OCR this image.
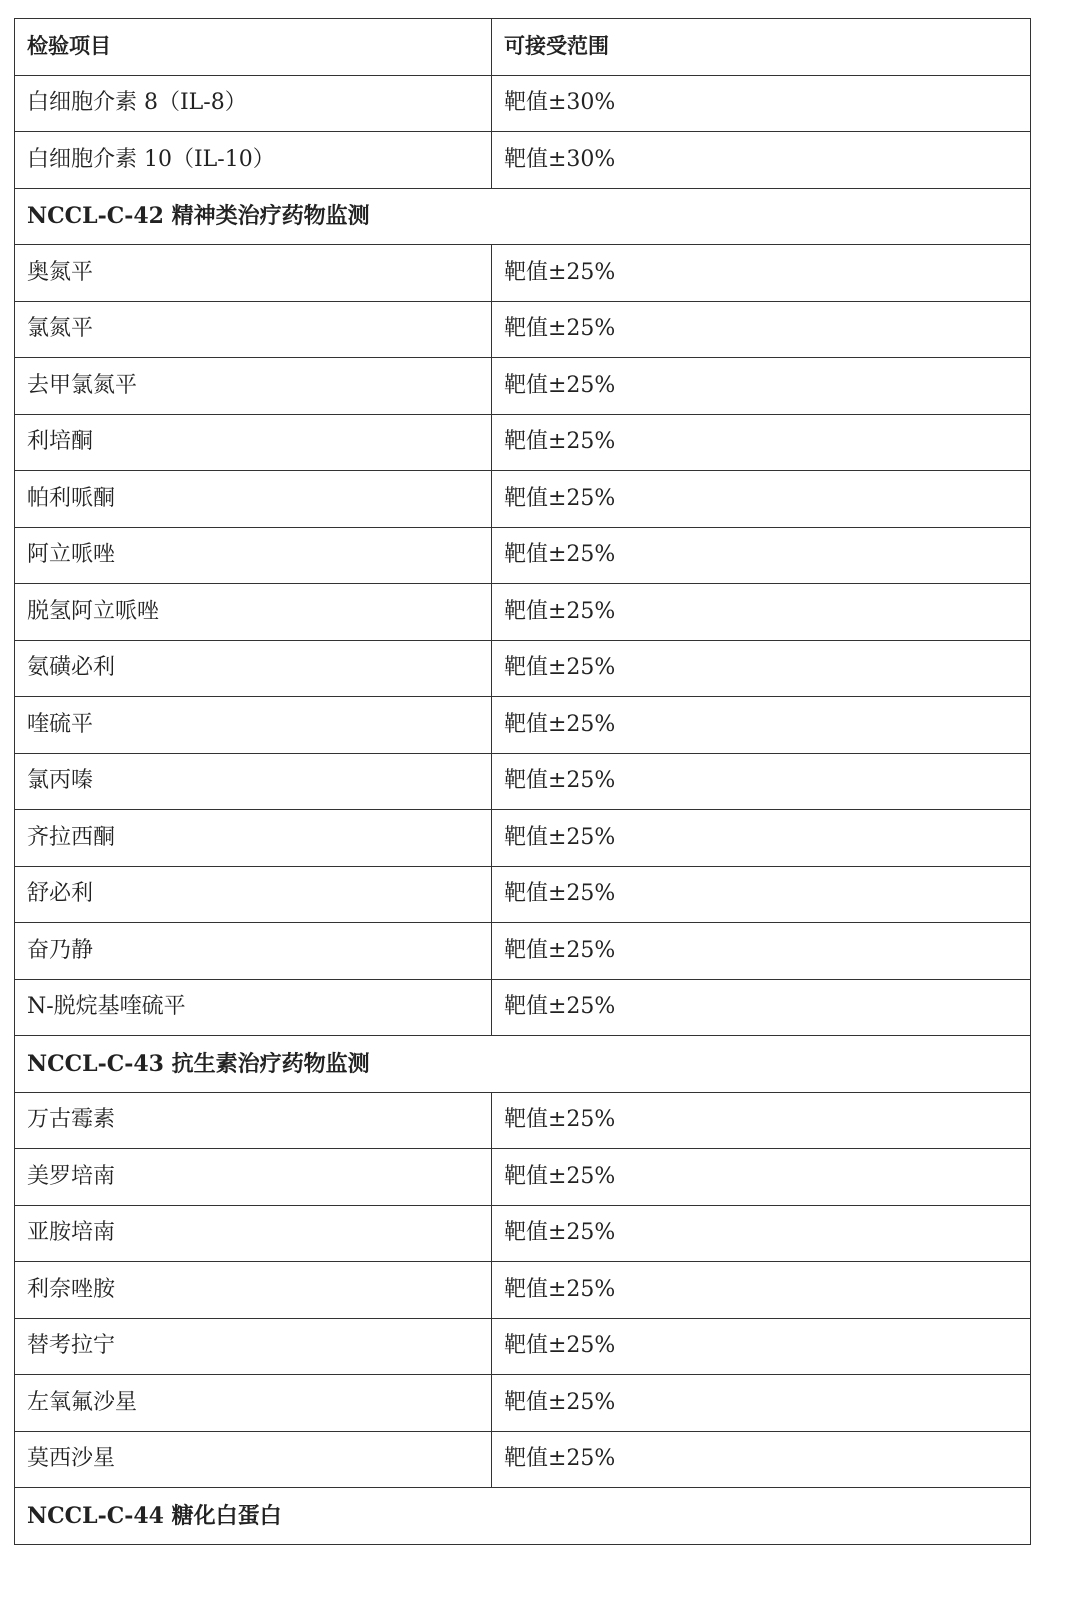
检验项目	可接受范围
白细胞介素 8（IL-8）	靶值±30%
白细胞介素 10（IL-10）	靶值±30%
NCCL-C-42 精神类治疗药物监测	
奥氮平	靶值±25%
氯氮平	靶值±25%
去甲氯氮平	靶值±25%
利培酮	靶值±25%
帕利哌酮	靶值±25%
阿立哌唑	靶值±25%
脱氢阿立哌唑	靶值±25%
氨磺必利	靶值±25%
喹硫平	靶值±25%
氯丙嗪	靶值±25%
齐拉西酮	靶值±25%
舒必利	靶值±25%
奋乃静	靶值±25%
N-脱烷基喹硫平	靶值±25%
NCCL-C-43 抗生素治疗药物监测	
万古霉素	靶值±25%
美罗培南	靶值±25%
亚胺培南	靶值±25%
利奈唑胺	靶值±25%
替考拉宁	靶值±25%
左氧氟沙星	靶值±25%
莫西沙星	靶值±25%
NCCL-C-44 糖化白蛋白	
